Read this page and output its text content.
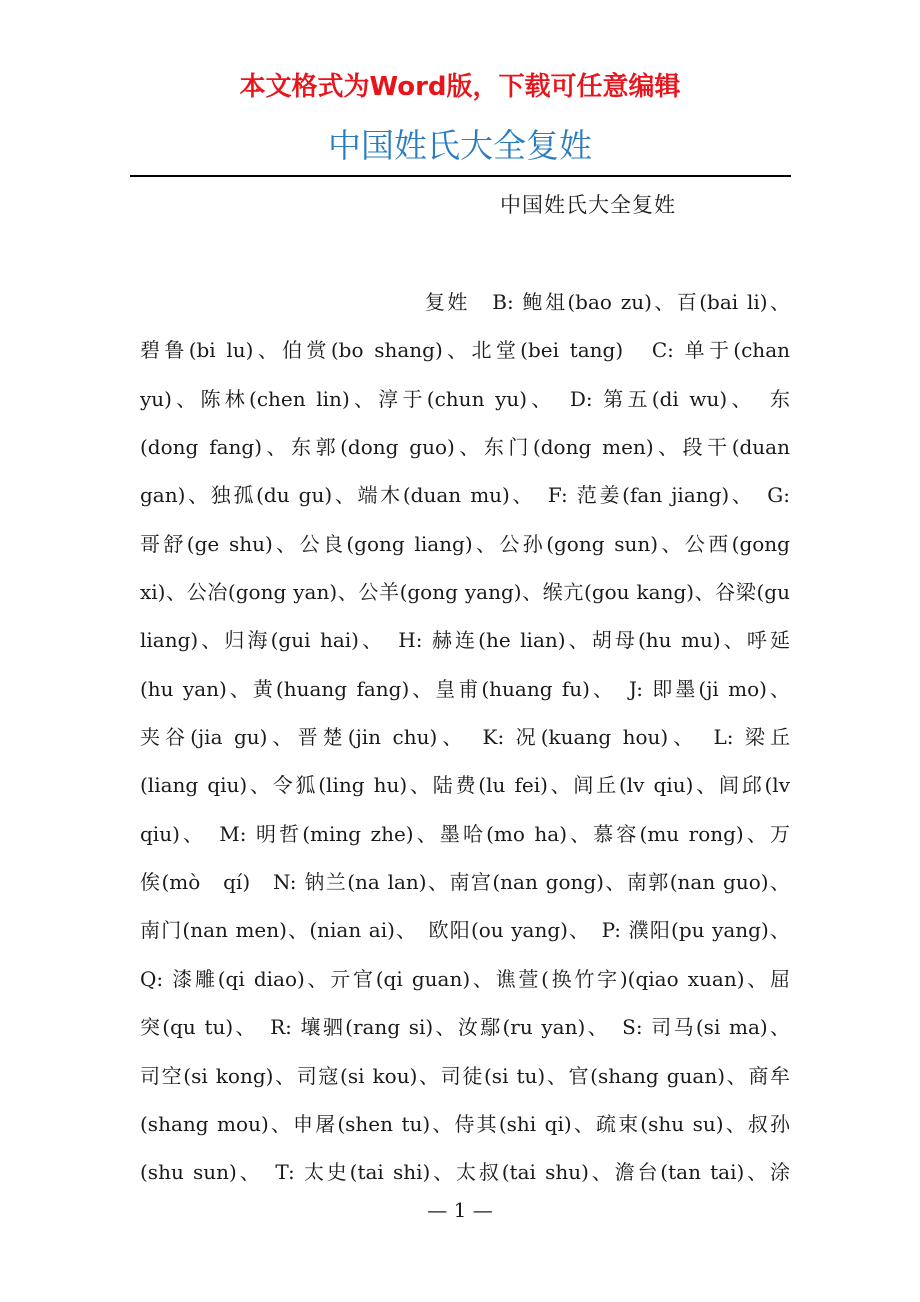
本文格式为Word版，下载可任意编辑
中国姓氏大全复姓
中国姓氏大全复姓
复姓　B: 鲍俎(bao zu)、百(bai li)、
碧鲁(bi lu)、伯赏(bo shang)、北堂(bei tang)　C: 单于(chan
yu)、陈林(chen lin)、淳于(chun yu)、　D: 第五(di wu)、　东
(dong fang)、东郭(dong guo)、东门(dong men)、段干(duan
gan)、独孤(du gu)、端木(duan mu)、　F: 范姜(fan jiang)、　G:
哥舒(ge shu)、公良(gong liang)、公孙(gong sun)、公西(gong
xi)、公冶(gong yan)、公羊(gong yang)、缑亢(gou kang)、谷梁(gu
liang)、归海(gui hai)、　H: 赫连(he lian)、胡母(hu mu)、呼延
(hu yan)、黄(huang fang)、皇甫(huang fu)、　J: 即墨(ji mo)、
夹谷(jia gu)、晋楚(jin chu)、　K: 况(kuang hou)、　L: 梁丘
(liang qiu)、令狐(ling hu)、陆费(lu fei)、闾丘(lv qiu)、闾邱(lv
qiu)、　M: 明哲(ming zhe)、墨哈(mo ha)、慕容(mu rong)、万
俟(mò　qí)　N: 钠兰(na lan)、南宫(nan gong)、南郭(nan guo)、
南门(nan men)、(nian ai)、　欧阳(ou yang)、　P: 濮阳(pu yang)、
Q: 漆雕(qi diao)、亓官(qi guan)、谯萱(换竹字)(qiao xuan)、屈
突(qu tu)、　R: 壤驷(rang si)、汝鄢(ru yan)、　S: 司马(si ma)、
司空(si kong)、司寇(si kou)、司徒(si tu)、官(shang guan)、商牟
(shang mou)、申屠(shen tu)、侍其(shi qi)、疏束(shu su)、叔孙
(shu sun)、　T: 太史(tai shi)、太叔(tai shu)、澹台(tan tai)、涂
— 1 —
